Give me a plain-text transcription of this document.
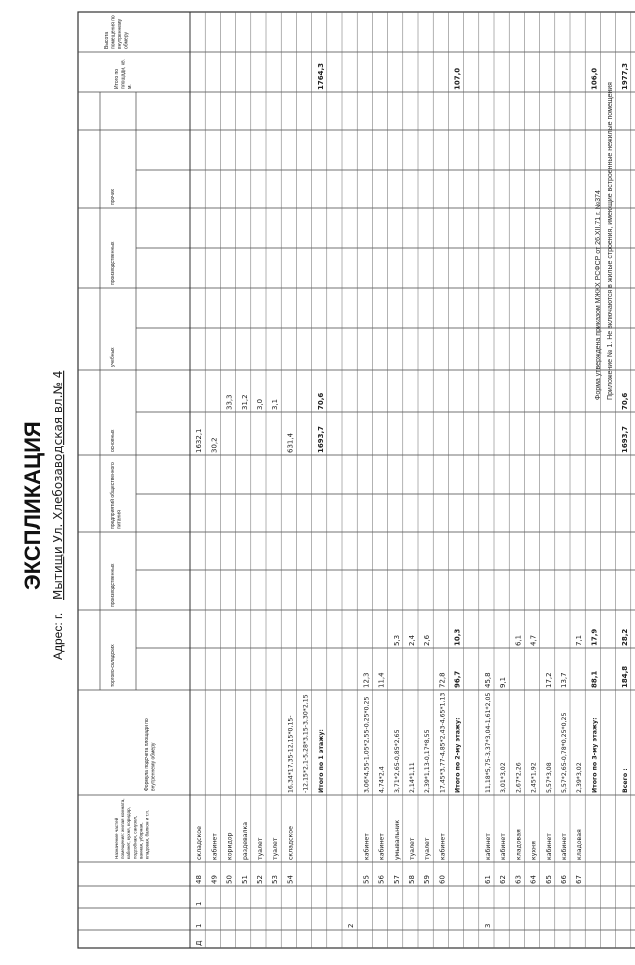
Форма утверждена приказом МЖКХ РСФСР от 26.XII.71 г. №374 Приложение № 1. Не включаются в жилые строения, имеющие встроенные нежилые помещения
ЭКСПЛИКАЦИЯ
Адрес: г.
Мытищи Ул. Хлебозаводская вл.№ 4
Назначение частейпомещения: жилая комната,кабинет, кухня, коридор,подсобная, санузел,ванная, уборная,кладовая, балкон и т.п.
Формула подсчета площади повнутреннему обмеру
торгово-складских
производственных
предприятий общественногопитания
основных
учебных
производственных
прочих
Итого поплощади, кв.м.
Высотапомещения повнутреннемуобмеру
Д
1
1
48
складское
1632,1
49
кабинет
30,2
50
коридор
33,3
51
раздевалка
31,2
52
туалет
3,0
53
туалет
3,1
54
складское
16,34*17,35-12,15*0,15-
631,4
-12,15*2,1-5,28*3,15-3,30*2,15 Итого по 1 этажу:
1693,7
70,6
1764,3
2
55
кабинет
3,06*4,55-1,05*2,55-0,25*0,25
12,3
56
кабинет
4,74*2,4
11,4
57
умывальник
3,71*2,65-0,85*2,65
5,3
58
туалет
2,14*1,11
2,4
59
туалет
2,39*1,13-0,17*8,55
2,6
60
кабинет
17,45*3,77-4,85*2,43-4,65*1,13
72,8
Итого по 2-му этажу:
96,7
10,3
107,0
3
61
кабинет
11,18*5,75-3,37*3,04-1,61*2,05
45,8
62
кабинет
3,01*3,02
9,1
63
кладовая
2,67*2,26
6,1
64
кухня
2,45*1,92
4,7
65
кабинет
5,57*3,08
17,2
66
кабинет
5,57*2,65-0,78*0,25*0,25
13,7
67
кладовая
2,39*3,02
7,1
Итого по 3-му этажу:
88,1
17,9
106,0
Всего :
184,8
28,2
1693,7
70,6
1977,3
